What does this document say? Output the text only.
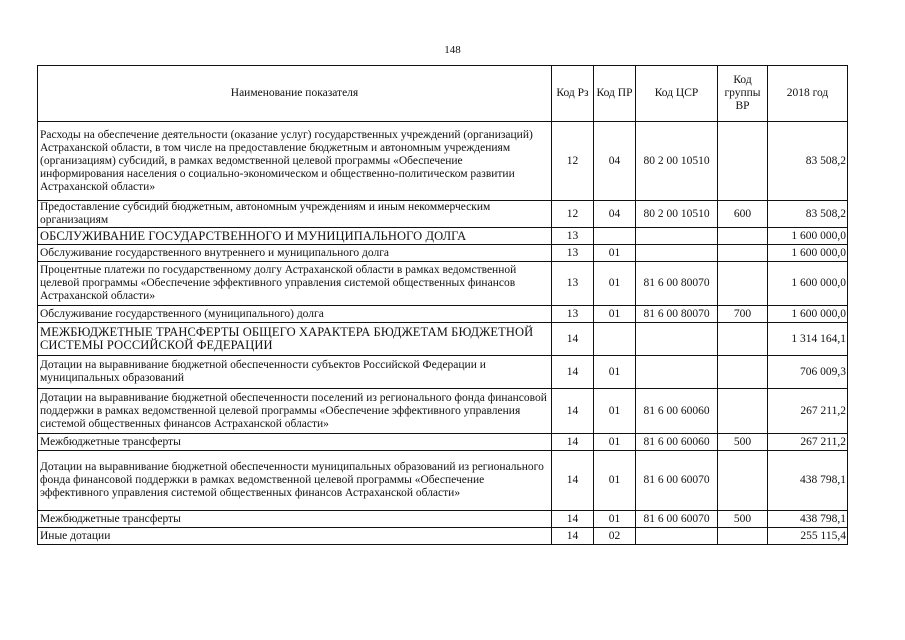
148
Наименование показателя	Код Рз	Код ПР	Код ЦСР	Код группы ВР	2018 год
Расходы на обеспечение деятельности (оказание услуг) государственных учреждений (организаций) Астраханской области, в том числе на предоставление бюджетным и автономным учреждениям (организациям) субсидий, в рамках ведомственной целевой программы «Обеспечение информирования населения о социально-экономическом и общественно-политическом развитии Астраханской области»	12	04	80 2 00 10510		83 508,2
Предоставление субсидий бюджетным, автономным учреждениям и иным некоммерческим организациям	12	04	80 2 00 10510	600	83 508,2
ОБСЛУЖИВАНИЕ ГОСУДАРСТВЕННОГО И МУНИЦИПАЛЬНОГО ДОЛГА	13				1 600 000,0
Обслуживание государственного внутреннего и муниципального долга	13	01			1 600 000,0
Процентные платежи по государственному долгу Астраханской области в рамках ведомственной целевой программы «Обеспечение эффективного управления системой общественных финансов Астраханской области»	13	01	81 6 00 80070		1 600 000,0
Обслуживание государственного (муниципального) долга	13	01	81 6 00 80070	700	1 600 000,0
МЕЖБЮДЖЕТНЫЕ ТРАНСФЕРТЫ ОБЩЕГО ХАРАКТЕРА БЮДЖЕТАМ БЮДЖЕТНОЙ СИСТЕМЫ РОССИЙСКОЙ ФЕДЕРАЦИИ	14				1 314 164,1
Дотации на выравнивание бюджетной обеспеченности субъектов Российской Федерации и муниципальных образований	14	01			706 009,3
Дотации на выравнивание бюджетной обеспеченности поселений из регионального фонда финансовой поддержки в рамках ведомственной целевой программы «Обеспечение эффективного управления системой общественных финансов Астраханской области»	14	01	81 6 00 60060		267 211,2
Межбюджетные трансферты	14	01	81 6 00 60060	500	267 211,2
Дотации на выравнивание бюджетной обеспеченности муниципальных образований из регионального фонда финансовой поддержки в рамках ведомственной целевой программы «Обеспечение эффективного управления системой общественных финансов Астраханской области»	14	01	81 6 00 60070		438 798,1
Межбюджетные трансферты	14	01	81 6 00 60070	500	438 798,1
Иные дотации	14	02			255 115,4
